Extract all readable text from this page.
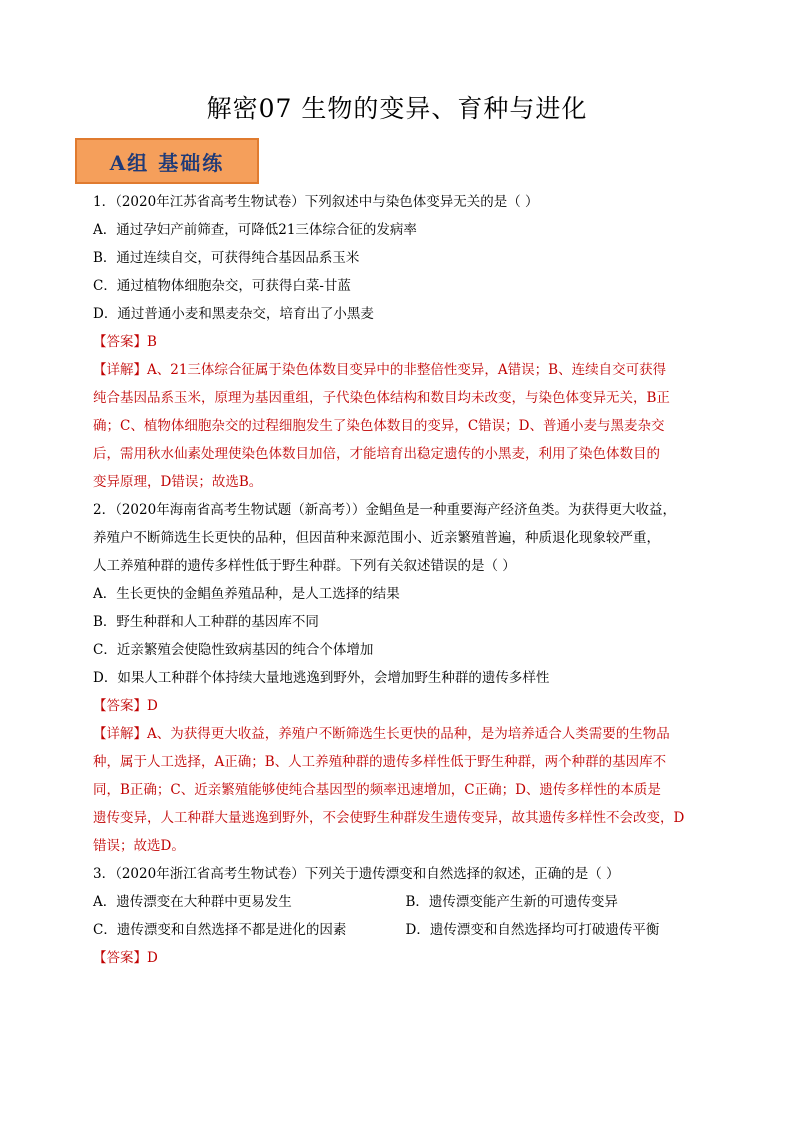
解密07 生物的变异、育种与进化
A组 基础练
1．（2020年江苏省高考生物试卷）下列叙述中与染色体变异无关的是（ ）
A．通过孕妇产前筛查，可降低21三体综合征的发病率
B．通过连续自交，可获得纯合基因品系玉米
C．通过植物体细胞杂交，可获得白菜-甘蓝
D．通过普通小麦和黑麦杂交，培育出了小黑麦
【答案】B
【详解】A、21三体综合征属于染色体数目变异中的非整倍性变异，A错误；B、连续自交可获得
纯合基因品系玉米，原理为基因重组，子代染色体结构和数目均未改变，与染色体变异无关，B正
确；C、植物体细胞杂交的过程细胞发生了染色体数目的变异，C错误；D、普通小麦与黑麦杂交
后，需用秋水仙素处理使染色体数目加倍，才能培育出稳定遗传的小黑麦，利用了染色体数目的
变异原理，D错误；故选B。
2．（2020年海南省高考生物试题（新高考））金鲳鱼是一种重要海产经济鱼类。为获得更大收益，
养殖户不断筛选生长更快的品种，但因苗种来源范围小、近亲繁殖普遍，种质退化现象较严重，
人工养殖种群的遗传多样性低于野生种群。下列有关叙述错误的是（ ）
A．生长更快的金鲳鱼养殖品种，是人工选择的结果
B．野生种群和人工种群的基因库不同
C．近亲繁殖会使隐性致病基因的纯合个体增加
D．如果人工种群个体持续大量地逃逸到野外，会增加野生种群的遗传多样性
【答案】D
【详解】A、为获得更大收益，养殖户不断筛选生长更快的品种，是为培养适合人类需要的生物品
种，属于人工选择，A正确；B、人工养殖种群的遗传多样性低于野生种群，两个种群的基因库不
同，B正确；C、近亲繁殖能够使纯合基因型的频率迅速增加，C正确；D、遗传多样性的本质是
遗传变异，人工种群大量逃逸到野外，不会使野生种群发生遗传变异，故其遗传多样性不会改变，D
错误；故选D。
3．（2020年浙江省高考生物试卷）下列关于遗传漂变和自然选择的叙述，正确的是（ ）
A．遗传漂变在大种群中更易发生	B．遗传漂变能产生新的可遗传变异
C．遗传漂变和自然选择不都是进化的因素	D．遗传漂变和自然选择均可打破遗传平衡
【答案】D
